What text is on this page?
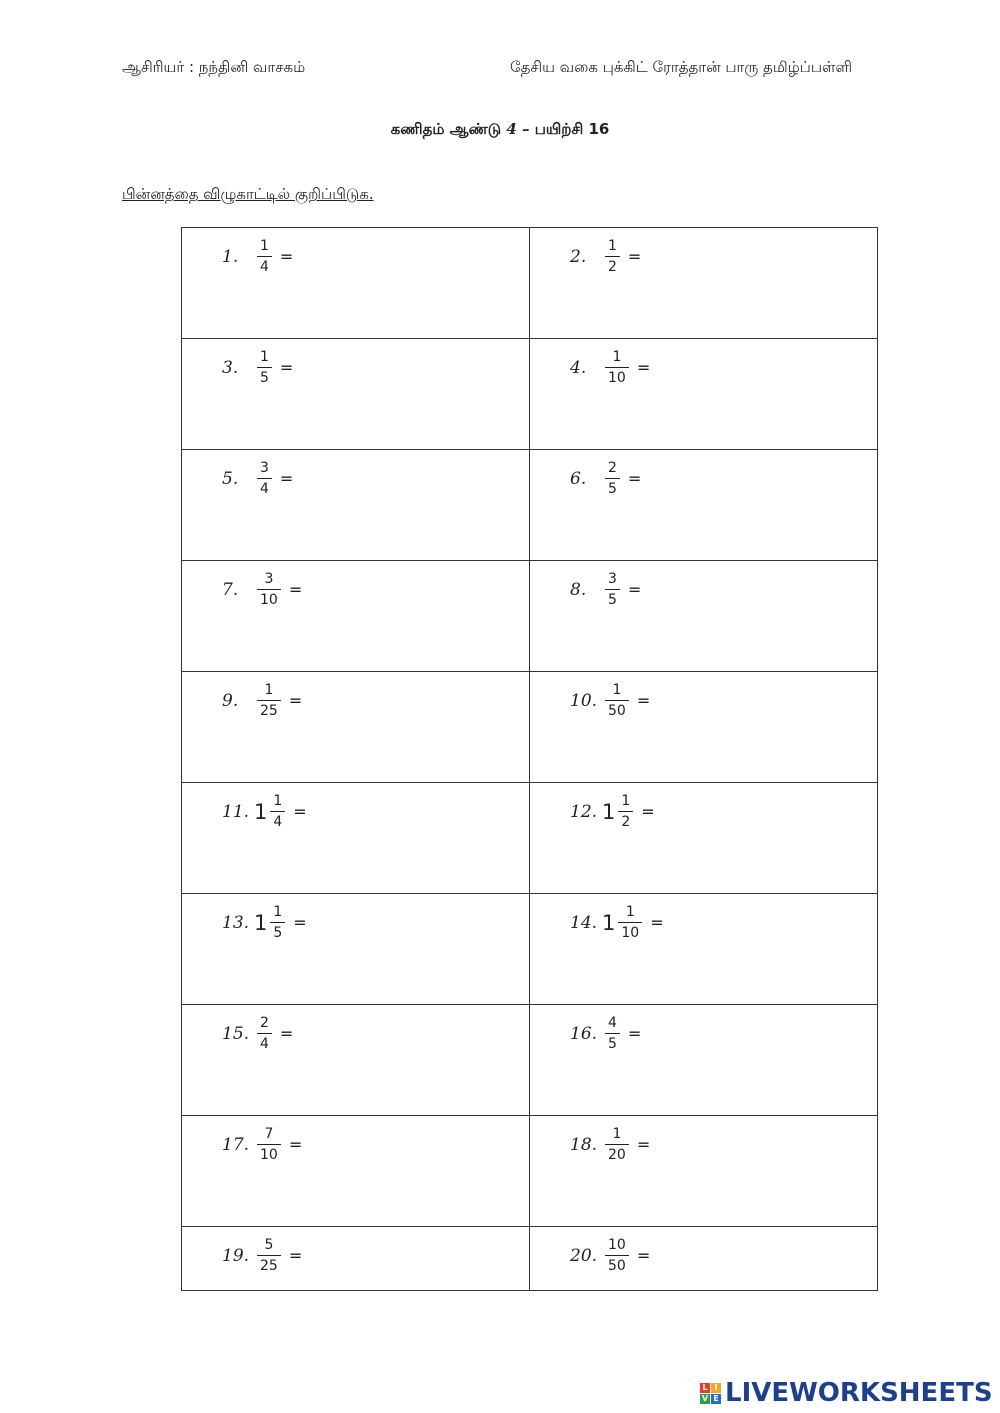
ஆசிரியர் : நந்தினி வாசகம்	தேசிய வகை புக்கிட் ரோத்தான் பாரு தமிழ்ப்பள்ளி
கணிதம் ஆண்டு 4 – பயிற்சி 16
பின்னத்தை விழுகாட்டில் குறிப்பிடுக.
1. $\frac{1}{4}$ =	2. $\frac{1}{2}$ =

3. $\frac{1}{5}$ =	4. $\frac{1}{10}$ =

5. $\frac{3}{4}$ =	6. $\frac{2}{5}$ =

7. $\frac{3}{10}$ =	8. $\frac{3}{5}$ =

9. $\frac{1}{25}$ =	10. $\frac{1}{50}$ =

11. $1 \frac{1}{4}$ =	12. $1 \frac{1}{2}$ =

13. $1 \frac{1}{5}$ =	14. $1 \frac{1}{10}$ =

15. $\frac{2}{4}$ =	16. $\frac{4}{5}$ =

17. $\frac{7}{10}$ =	18. $\frac{1}{20}$ =

19. $\frac{5}{25}$ =	20. $\frac{10}{50}$ =
L I
V E LIVEWORKSHEETS
